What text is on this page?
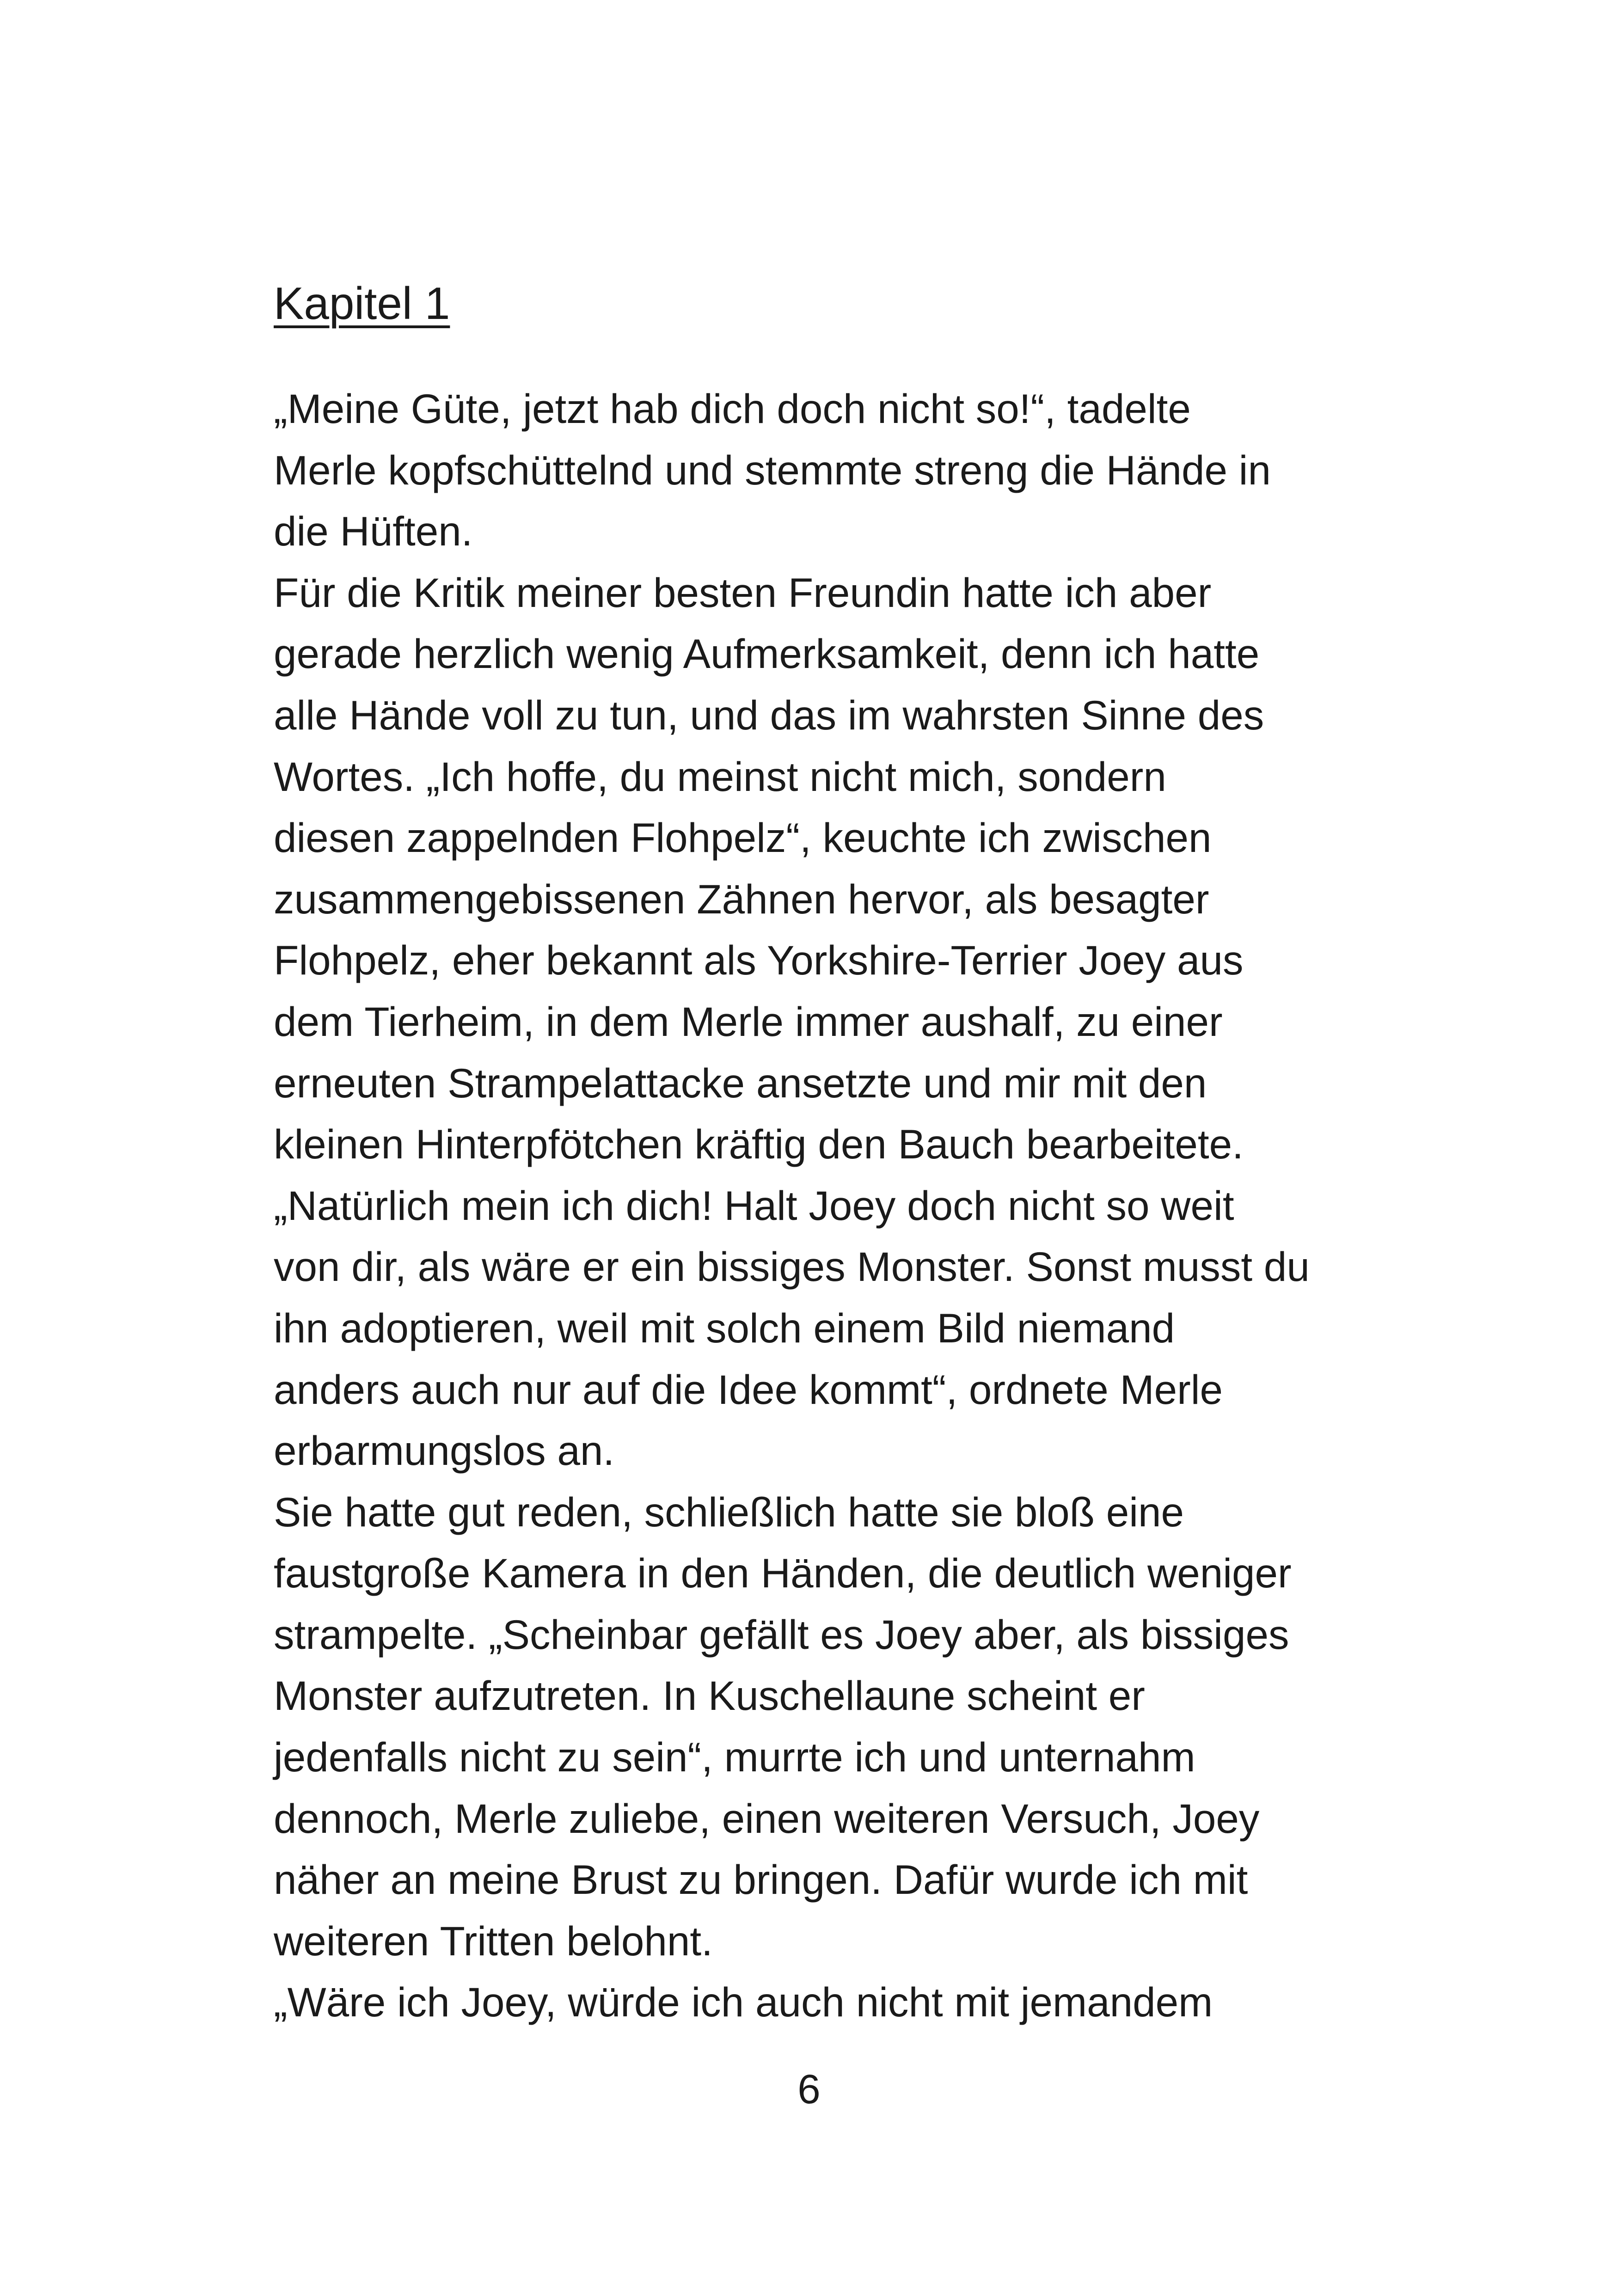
Kapitel 1
„Meine Güte, jetzt hab dich doch nicht so!“, tadelte
Merle kopfschüttelnd und stemmte streng die Hände in
die Hüften.
Für die Kritik meiner besten Freundin hatte ich aber
gerade herzlich wenig Aufmerksamkeit, denn ich hatte
alle Hände voll zu tun, und das im wahrsten Sinne des
Wortes. „Ich hoffe, du meinst nicht mich, sondern
diesen zappelnden Flohpelz“, keuchte ich zwischen
zusammengebissenen Zähnen hervor, als besagter
Flohpelz, eher bekannt als Yorkshire-Terrier Joey aus
dem Tierheim, in dem Merle immer aushalf, zu einer
erneuten Strampelattacke ansetzte und mir mit den
kleinen Hinterpfötchen kräftig den Bauch bearbeitete.
„Natürlich mein ich dich! Halt Joey doch nicht so weit
von dir, als wäre er ein bissiges Monster. Sonst musst du
ihn adoptieren, weil mit solch einem Bild niemand
anders auch nur auf die Idee kommt“, ordnete Merle
erbarmungslos an.
Sie hatte gut reden, schließlich hatte sie bloß eine
faustgroße Kamera in den Händen, die deutlich weniger
strampelte. „Scheinbar gefällt es Joey aber, als bissiges
Monster aufzutreten. In Kuschellaune scheint er
jedenfalls nicht zu sein“, murrte ich und unternahm
dennoch, Merle zuliebe, einen weiteren Versuch, Joey
näher an meine Brust zu bringen. Dafür wurde ich mit
weiteren Tritten belohnt.
„Wäre ich Joey, würde ich auch nicht mit jemandem
6
